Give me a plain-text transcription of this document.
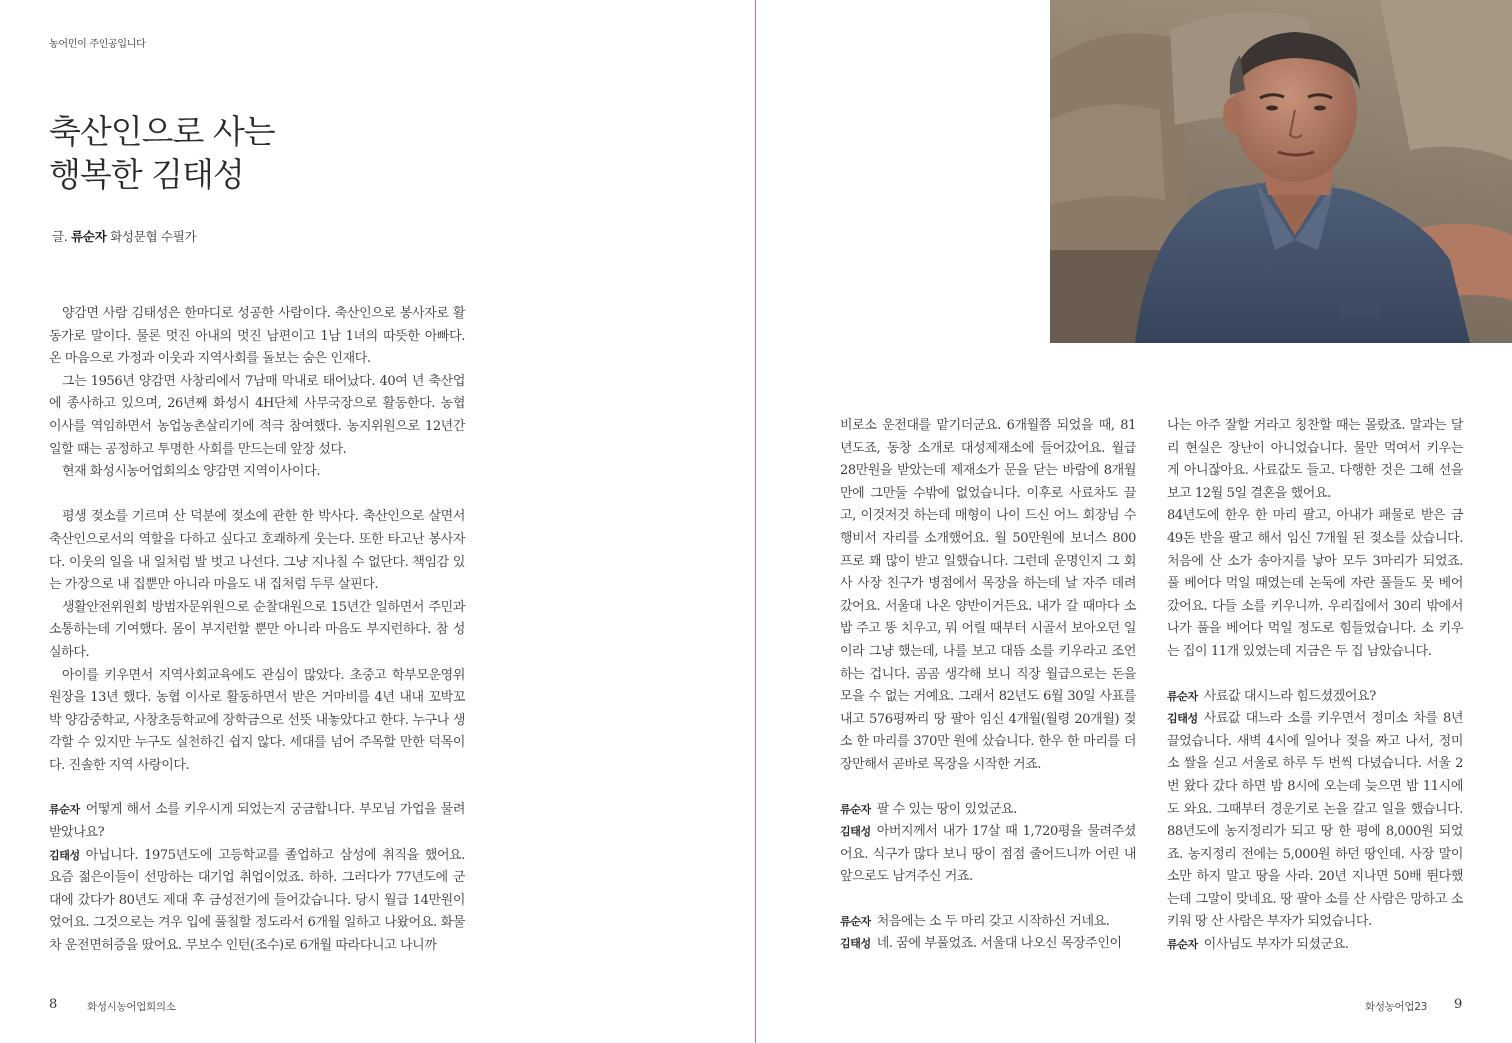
농어민이 주인공입니다
축산인으로 사는
행복한 김태성
글. 류순자 화성문협 수필가

양감면 사람 김태성은 한마디로 성공한 사람이다. 축산인으로 봉사자로 활동가로 말이다. 물론 멋진 아내의 멋진 남편이고 1남 1녀의 따뜻한 아빠다. 온 마음으로 가정과 이웃과 지역사회를 돌보는 숨은 인재다.

그는 1956년 양감면 사창리에서 7남매 막내로 태어났다. 40여 년 축산업에 종사하고 있으며, 26년째 화성시 4H단체 사무국장으로 활동한다. 농협 이사를 역임하면서 농업농촌살리기에 적극 참여했다. 농지위원으로 12년간 일할 때는 공정하고 투명한 사회를 만드는데 앞장 섰다.

현재 화성시농어업회의소 양감면 지역이사이다.

평생 젖소를 기르며 산 덕분에 젖소에 관한 한 박사다. 축산인으로 살면서 축산인으로서의 역할을 다하고 싶다고 호쾌하게 웃는다. 또한 타고난 봉사자다. 이웃의 일을 내 일처럼 발 벗고 나선다. 그냥 지나칠 수 없단다. 책임감 있는 가장으로 내 집뿐만 아니라 마을도 내 집처럼 두루 살핀다.

생활안전위원회 방범자문위원으로 순찰대원으로 15년간 일하면서 주민과 소통하는데 기여했다. 몸이 부지런할 뿐만 아니라 마음도 부지런하다. 참 성실하다.

아이를 키우면서 지역사회교육에도 관심이 많았다. 초중고 학부모운영위원장을 13년 했다. 농협 이사로 활동하면서 받은 거마비를 4년 내내 꼬박꼬박 양감중학교, 사창초등학교에 장학금으로 선뜻 내놓았다고 한다. 누구나 생각할 수 있지만 누구도 실천하긴 쉽지 않다. 세대를 넘어 주목할 만한 덕목이다. 진솔한 지역 사랑이다.

류순자 어떻게 해서 소를 키우시게 되었는지 궁금합니다. 부모님 가업을 물려받았나요?
김태성 아닙니다. 1975년도에 고등학교를 졸업하고 삼성에 취직을 했어요. 요즘 젊은이들이 선망하는 대기업 취업이었죠. 하하. 그러다가 77년도에 군대에 갔다가 80년도 제대 후 금성전기에 들어갔습니다. 당시 월급 14만원이었어요. 그것으로는 겨우 입에 풀칠할 정도라서 6개월 일하고 나왔어요. 화물차 운전면허증을 땄어요. 무보수 인턴(조수)로 6개월 따라다니고 나니까
8	화성시농어업회의소

비로소 운전대를 맡기더군요. 6개월쯤 되었을 때, 81년도죠, 동창 소개로 대성제재소에 들어갔어요. 월급 28만원을 받았는데 제재소가 문을 닫는 바람에 8개월 만에 그만둘 수밖에 없었습니다. 이후로 사료차도 끌고, 이것저것 하는데 매형이 나이 드신 어느 회장님 수행비서 자리를 소개했어요. 월 50만원에 보너스 800프로 꽤 많이 받고 일했습니다. 그런데 운명인지 그 회사 사장 친구가 병점에서 목장을 하는데 날 자주 데려갔어요. 서울대 나온 양반이거든요. 내가 갈 때마다 소밥 주고 똥 치우고, 뭐 어릴 때부터 시골서 보아오던 일이라 그냥 했는데, 나를 보고 대뜸 소를 키우라고 조언하는 겁니다. 곰곰 생각해 보니 직장 월급으로는 돈을 모을 수 없는 거예요. 그래서 82년도 6월 30일 사표를 내고 576평짜리 땅 팔아 임신 4개월(월령 20개월) 젖소 한 마리를 370만 원에 샀습니다. 한우 한 마리를 더 장만해서 곧바로 목장을 시작한 거죠.

류순자 팔 수 있는 땅이 있었군요.
김태성 아버지께서 내가 17살 때 1,720평을 물려주셨어요. 식구가 많다 보니 땅이 점점 줄어드니까 어린 내 앞으로도 남겨주신 거죠.
류순자 처음에는 소 두 마리 갖고 시작하신 거네요.
김태성 네. 꿈에 부풀었죠. 서울대 나오신 목장주인이

나는 아주 잘할 거라고 칭찬할 때는 몰랐죠. 말과는 달리 현실은 장난이 아니었습니다. 물만 먹여서 키우는 게 아니잖아요. 사료값도 들고. 다행한 것은 그해 선을 보고 12월 5일 결혼을 했어요.

84년도에 한우 한 마리 팔고, 아내가 패물로 받은 금 49돈 반을 팔고 해서 임신 7개월 된 젖소를 샀습니다. 처음에 산 소가 송아지를 낳아 모두 3마리가 되었죠. 풀 베어다 먹일 때였는데 논둑에 자란 풀들도 못 베어갔어요. 다들 소를 키우니까. 우리집에서 30리 밖에서 나가 풀을 베어다 먹일 정도로 힘들었습니다. 소 키우는 집이 11개 있었는데 지금은 두 집 남았습니다.

류순자 사료값 대시느라 힘드셨겠어요?
김태성 사료값 대느라 소를 키우면서 정미소 차를 8년 끌었습니다. 새벽 4시에 일어나 젖을 짜고 나서, 정미소 쌀을 싣고 서울로 하루 두 번씩 다녔습니다. 서울 2번 왔다 갔다 하면 밤 8시에 오는데 늦으면 밤 11시에도 와요. 그때부터 경운기로 논을 갈고 일을 했습니다. 88년도에 농지정리가 되고 땅 한 평에 8,000원 되었죠. 농지정리 전에는 5,000원 하던 땅인데. 사장 말이 소만 하지 말고 땅을 사라. 20년 지나면 50배 뛴다했는데 그말이 맞네요. 땅 팔아 소를 산 사람은 망하고 소 키워 땅 산 사람은 부자가 되었습니다.
류순자 이사님도 부자가 되셨군요.
화성농어업23 9
